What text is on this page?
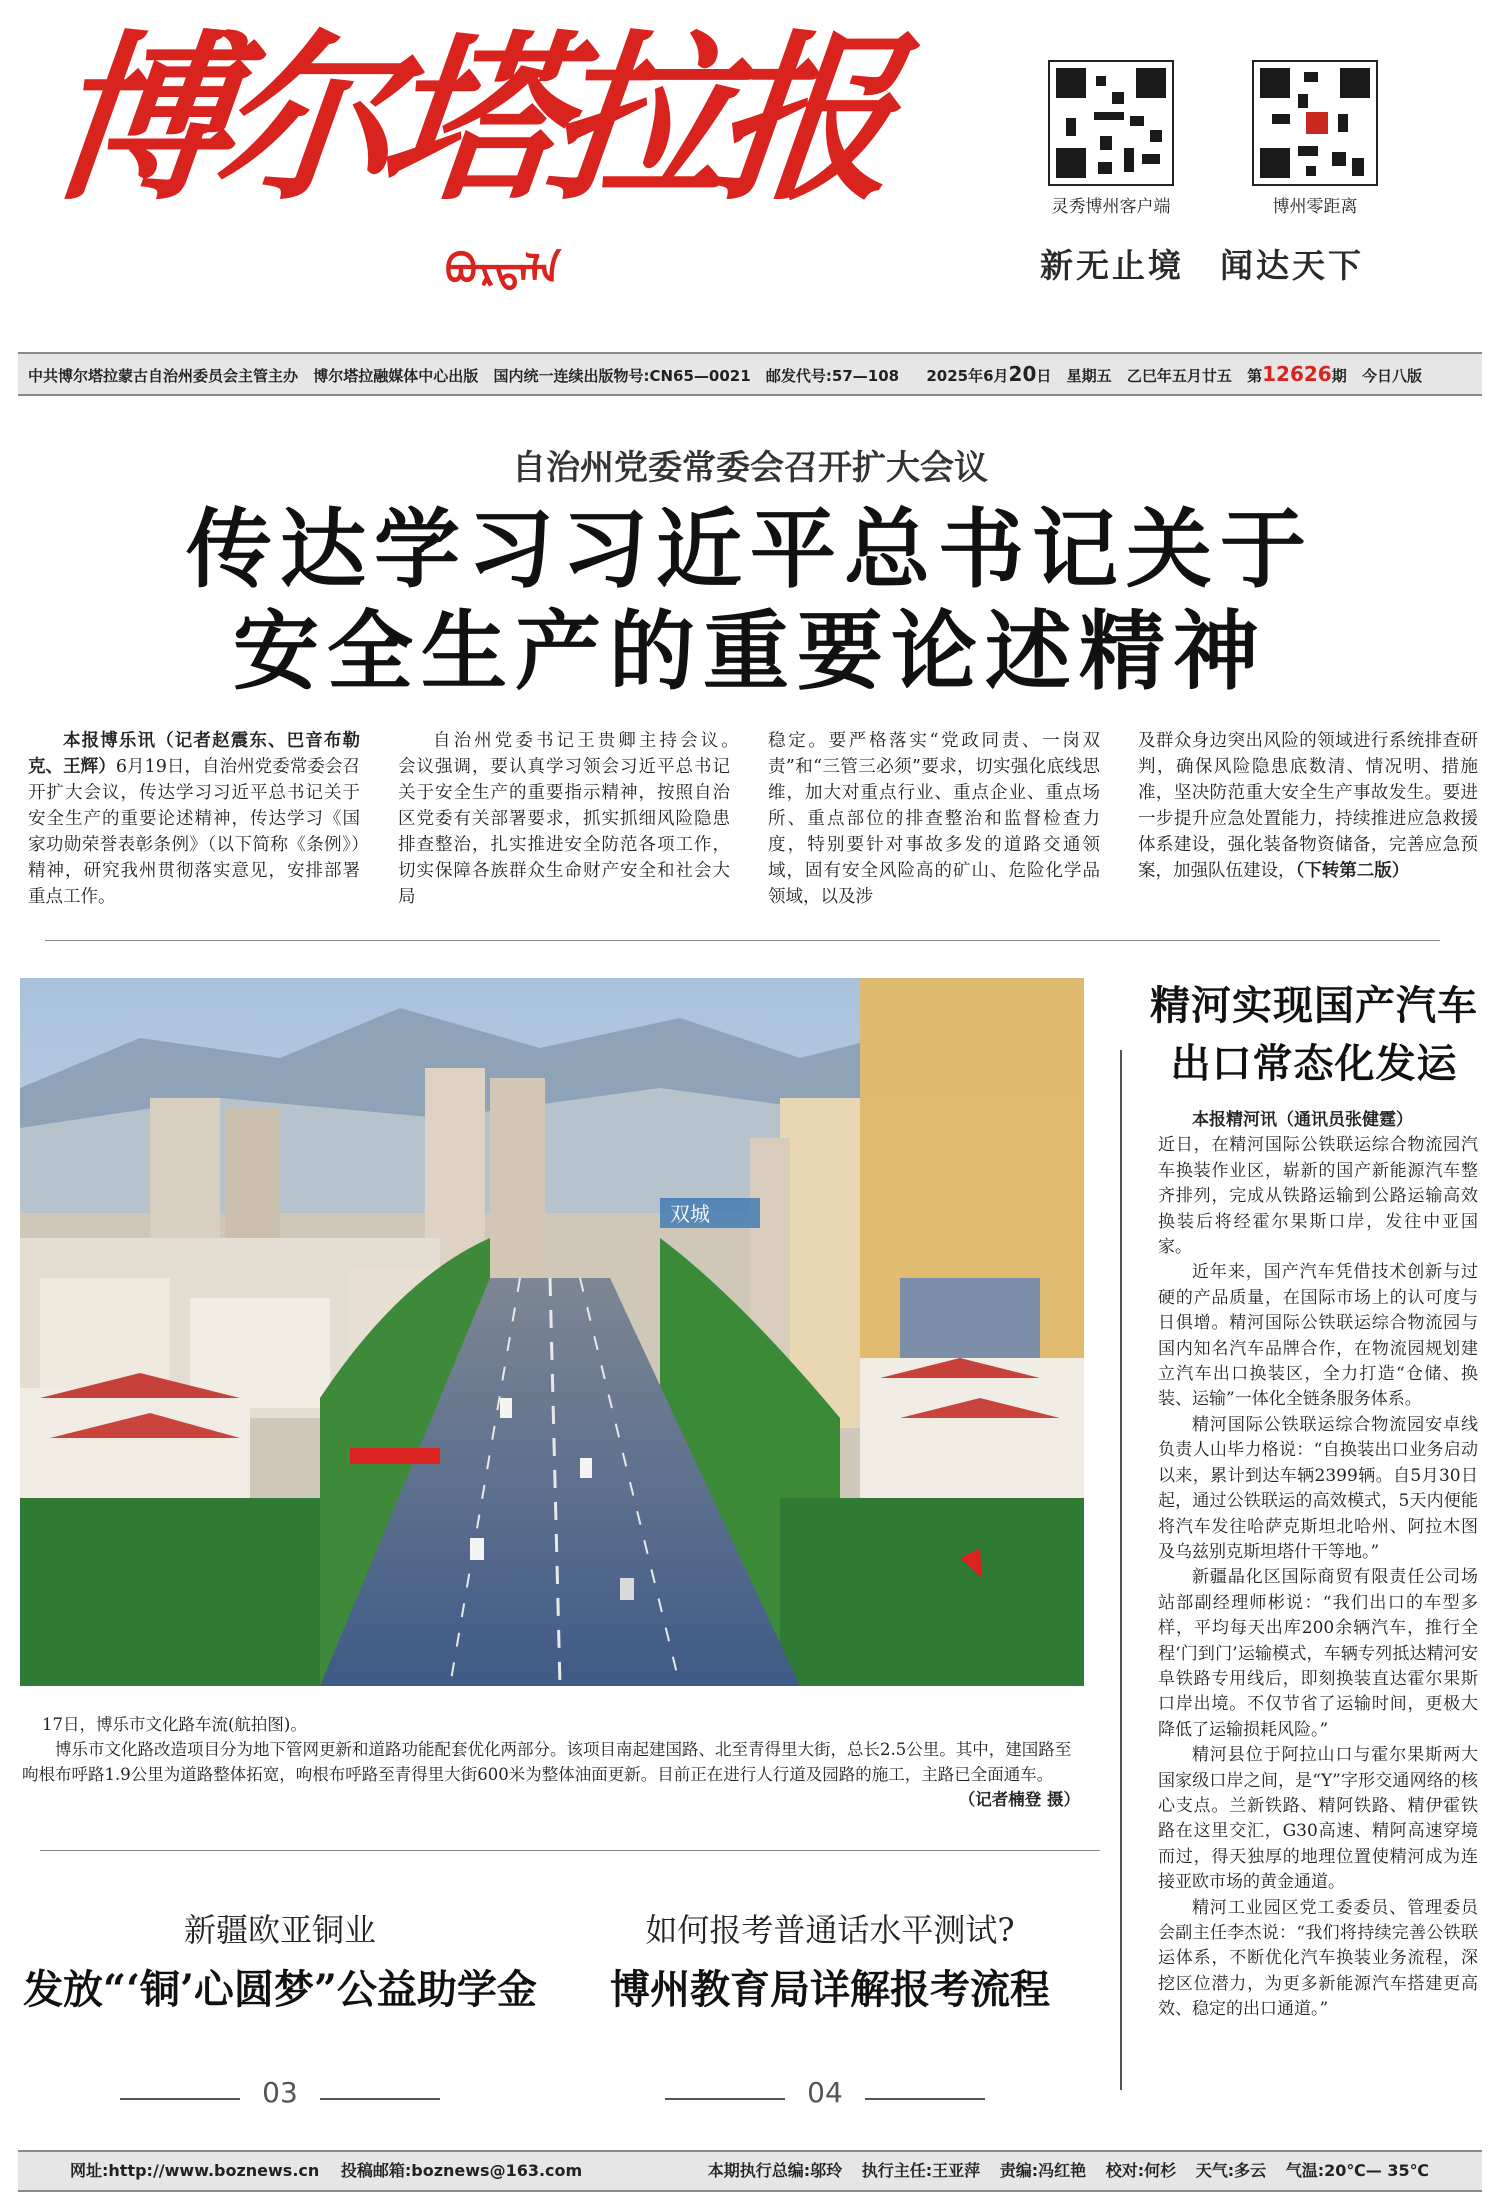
博尔塔拉报
ᠪᠣᠷᠲᠠᠯᠠ
灵秀博州客户端	博州零距离
新无止境　闻达天下
中共博尔塔拉蒙古自治州委员会主管主办 博尔塔拉融媒体中心出版 国内统一连续出版物号:CN65—0021 邮发代号:57—108 2025年6月20日 星期五 乙巳年五月廿五 第12626期 今日八版
自治州党委常委会召开扩大会议
传达学习习近平总书记关于
安全生产的重要论述精神
本报博乐讯（记者赵震东、巴音布勒克、王辉）6月19日，自治州党委常委会召开扩大会议，传达学习习近平总书记关于安全生产的重要论述精神，传达学习《国家功勋荣誉表彰条例》（以下简称《条例》）精神，研究我州贯彻落实意见，安排部署重点工作。
自治州党委书记王贵卿主持会议。　　会议强调，要认真学习领会习近平总书记关于安全生产的重要指示精神，按照自治区党委有关部署要求，抓实抓细风险隐患排查整治，扎实推进安全防范各项工作，切实保障各族群众生命财产安全和社会大局
稳定。要严格落实“党政同责、一岗双责”和“三管三必须”要求，切实强化底线思维，加大对重点行业、重点企业、重点场所、重点部位的排查整治和监督检查力度，特别要针对事故多发的道路交通领域，固有安全风险高的矿山、危险化学品领域，以及涉
及群众身边突出风险的领域进行系统排查研判，确保风险隐患底数清、情况明、措施准，坚决防范重大安全生产事故发生。要进一步提升应急处置能力，持续推进应急救援体系建设，强化装备物资储备，完善应急预案，加强队伍建设，（下转第二版）
双城
17日，博乐市文化路车流(航拍图)。
博乐市文化路改造项目分为地下管网更新和道路功能配套优化两部分。该项目南起建国路、北至青得里大街，总长2.5公里。其中，建国路至呴根布呼路1.9公里为道路整体拓宽，呴根布呼路至青得里大街600米为整体油面更新。目前正在进行人行道及园路的施工，主路已全面通车。
（记者楠登 摄）
精河实现国产汽车
出口常态化发运
本报精河讯（通讯员张健霆）
近日，在精河国际公铁联运综合物流园汽车换装作业区，崭新的国产新能源汽车整齐排列，完成从铁路运输到公路运输高效换装后将经霍尔果斯口岸，发往中亚国家。
近年来，国产汽车凭借技术创新与过硬的产品质量，在国际市场上的认可度与日俱增。精河国际公铁联运综合物流园与国内知名汽车品牌合作，在物流园规划建立汽车出口换装区，全力打造“仓储、换装、运输”一体化全链条服务体系。
精河国际公铁联运综合物流园安卓线负责人山毕力格说：“自换装出口业务启动以来，累计到达车辆2399辆。自5月30日起，通过公铁联运的高效模式，5天内便能将汽车发往哈萨克斯坦北哈州、阿拉木图及乌兹别克斯坦塔什干等地。”
新疆晶化区国际商贸有限责任公司场站部副经理师彬说：“我们出口的车型多样，平均每天出库200余辆汽车，推行全程‘门到门’运输模式，车辆专列抵达精河安阜铁路专用线后，即刻换装直达霍尔果斯口岸出境。不仅节省了运输时间，更极大降低了运输损耗风险。”
精河县位于阿拉山口与霍尔果斯两大国家级口岸之间，是“Y”字形交通网络的核心支点。兰新铁路、精阿铁路、精伊霍铁路在这里交汇，G30高速、精阿高速穿境而过，得天独厚的地理位置使精河成为连接亚欧市场的黄金通道。
精河工业园区党工委委员、管理委员会副主任李杰说：“我们将持续完善公铁联运体系，不断优化汽车换装业务流程，深挖区位潜力，为更多新能源汽车搭建更高效、稳定的出口通道。”
新疆欧亚铜业
发放“‘铜’心圆梦”公益助学金
03
如何报考普通话水平测试?
博州教育局详解报考流程
04
网址:http://www.boznews.cn 投稿邮箱:boznews@163.com	本期执行总编:邬玲 执行主任:王亚萍 责编:冯红艳 校对:何杉 天气:多云 气温:20℃— 35℃
